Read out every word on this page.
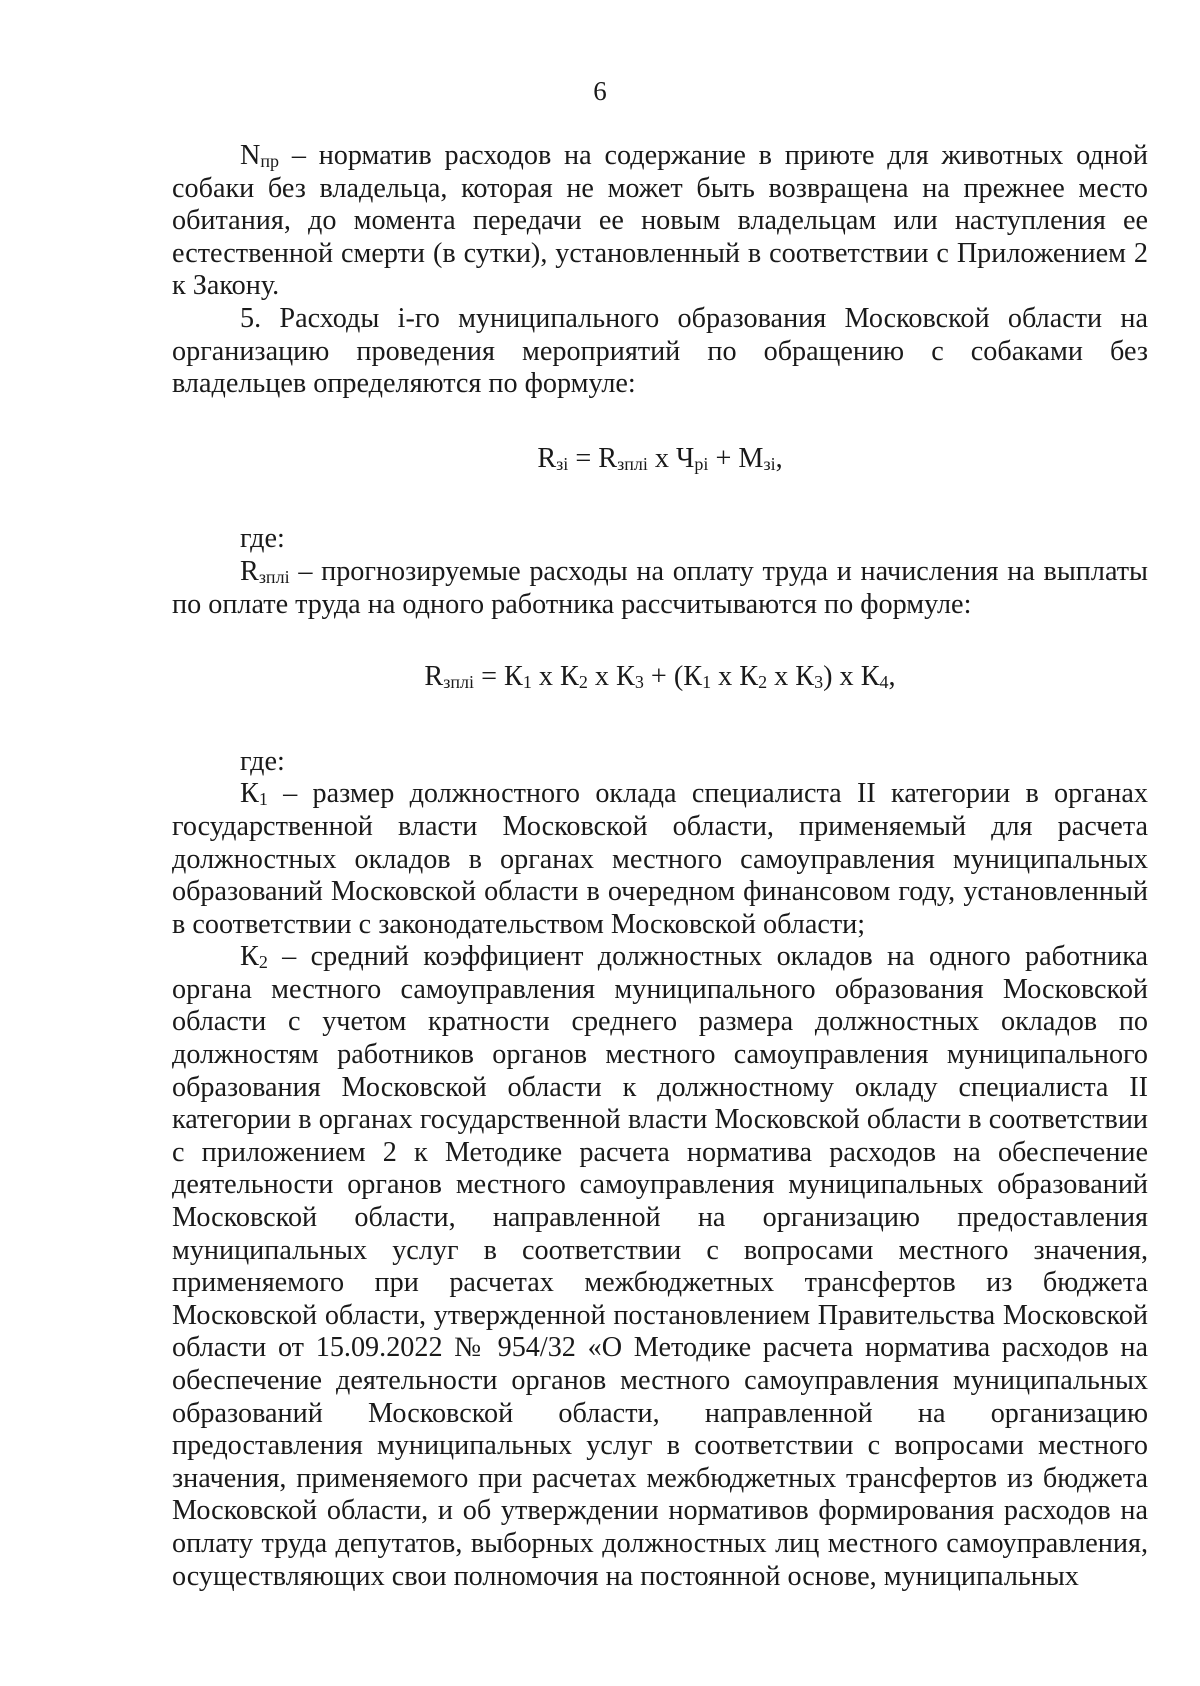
6

$N_{пр}$ – норматив расходов на содержание в приюте для животных одной собаки без владельца, которая не может быть возвращена на прежнее место обитания, до момента передачи ее новым владельцам или наступления ее естественной смерти (в сутки), установленный в соответствии с Приложением 2 к Закону.

5. Расходы i-го муниципального образования Московской области на организацию проведения мероприятий по обращению с собаками без владельцев определяются по формуле:

$R_{зi} = R_{зплi}$ х $Ч_{рi} + М_{зi}$,

где:

$R_{зплi}$ – прогнозируемые расходы на оплату труда и начисления на выплаты по оплате труда на одного работника рассчитываются по формуле:

$R_{зплi} = К_1$ х $К_2$ х $К_3 + (К_1$ х $К_2$ х $К_3$) х $К_4$,

где:

$К_1$ – размер должностного оклада специалиста II категории в органах государственной власти Московской области, применяемый для расчета должностных окладов в органах местного самоуправления муниципальных образований Московской области в очередном финансовом году, установленный в соответствии с законодательством Московской области;

$К_2$ – средний коэффициент должностных окладов на одного работника органа местного самоуправления муниципального образования Московской области с учетом кратности среднего размера должностных окладов по должностям работников органов местного самоуправления муниципального образования Московской области к должностному окладу специалиста II категории в органах государственной власти Московской области в соответствии с приложением 2 к Методике расчета норматива расходов на обеспечение деятельности органов местного самоуправления муниципальных образований Московской области, направленной на организацию предоставления муниципальных услуг в соответствии с вопросами местного значения, применяемого при расчетах межбюджетных трансфертов из бюджета Московской области, утвержденной постановлением Правительства Московской области от 15.09.2022 № 954/32 «О Методике расчета норматива расходов на обеспечение деятельности органов местного самоуправления муниципальных образований Московской области, направленной на организацию предоставления муниципальных услуг в соответствии с вопросами местного значения, применяемого при расчетах межбюджетных трансфертов из бюджета Московской области, и об утверждении нормативов формирования расходов на оплату труда депутатов, выборных должностных лиц местного самоуправления, осуществляющих свои полномочия на постоянной основе, муниципальных
